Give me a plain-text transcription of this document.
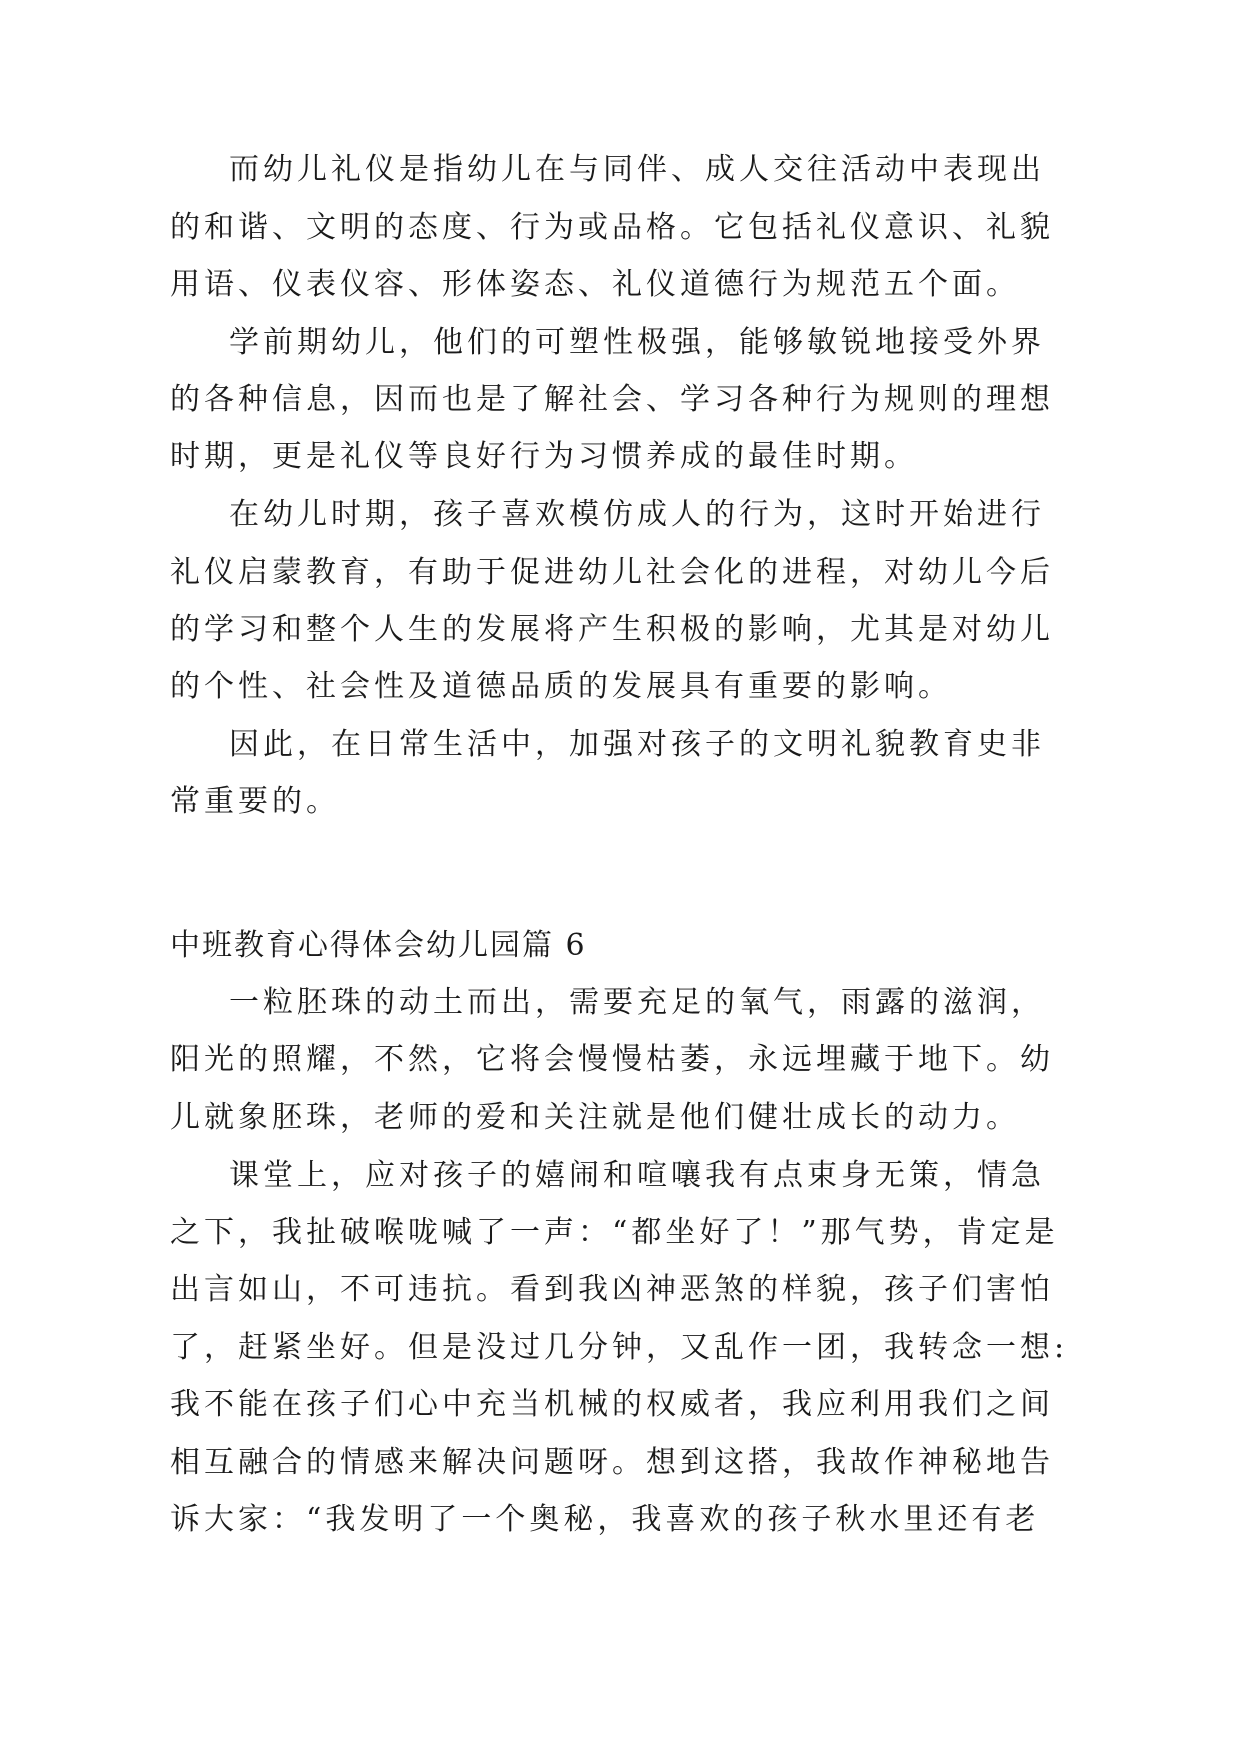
而幼儿礼仪是指幼儿在与同伴、成人交往活动中表现出
的和谐、文明的态度、行为或品格。它包括礼仪意识、礼貌
用语、仪表仪容、形体姿态、礼仪道德行为规范五个面。
学前期幼儿，他们的可塑性极强，能够敏锐地接受外界
的各种信息，因而也是了解社会、学习各种行为规则的理想
时期，更是礼仪等良好行为习惯养成的最佳时期。
在幼儿时期，孩子喜欢模仿成人的行为，这时开始进行
礼仪启蒙教育，有助于促进幼儿社会化的进程，对幼儿今后
的学习和整个人生的发展将产生积极的影响，尤其是对幼儿
的个性、社会性及道德品质的发展具有重要的影响。
因此，在日常生活中，加强对孩子的文明礼貌教育史非
常重要的。
中班教育心得体会幼儿园篇 6
一粒胚珠的动土而出，需要充足的氧气，雨露的滋润，
阳光的照耀，不然，它将会慢慢枯萎，永远埋藏于地下。幼
儿就象胚珠，老师的爱和关注就是他们健壮成长的动力。
课堂上，应对孩子的嬉闹和喧嚷我有点束身无策，情急
之下，我扯破喉咙喊了一声：“都坐好了！”那气势，肯定是
出言如山，不可违抗。看到我凶神恶煞的样貌，孩子们害怕
了，赶紧坐好。但是没过几分钟，又乱作一团，我转念一想:
我不能在孩子们心中充当机械的权威者，我应利用我们之间
相互融合的情感来解决问题呀。想到这搭，我故作神秘地告
诉大家：“我发明了一个奥秘，我喜欢的孩子秋水里还有老
